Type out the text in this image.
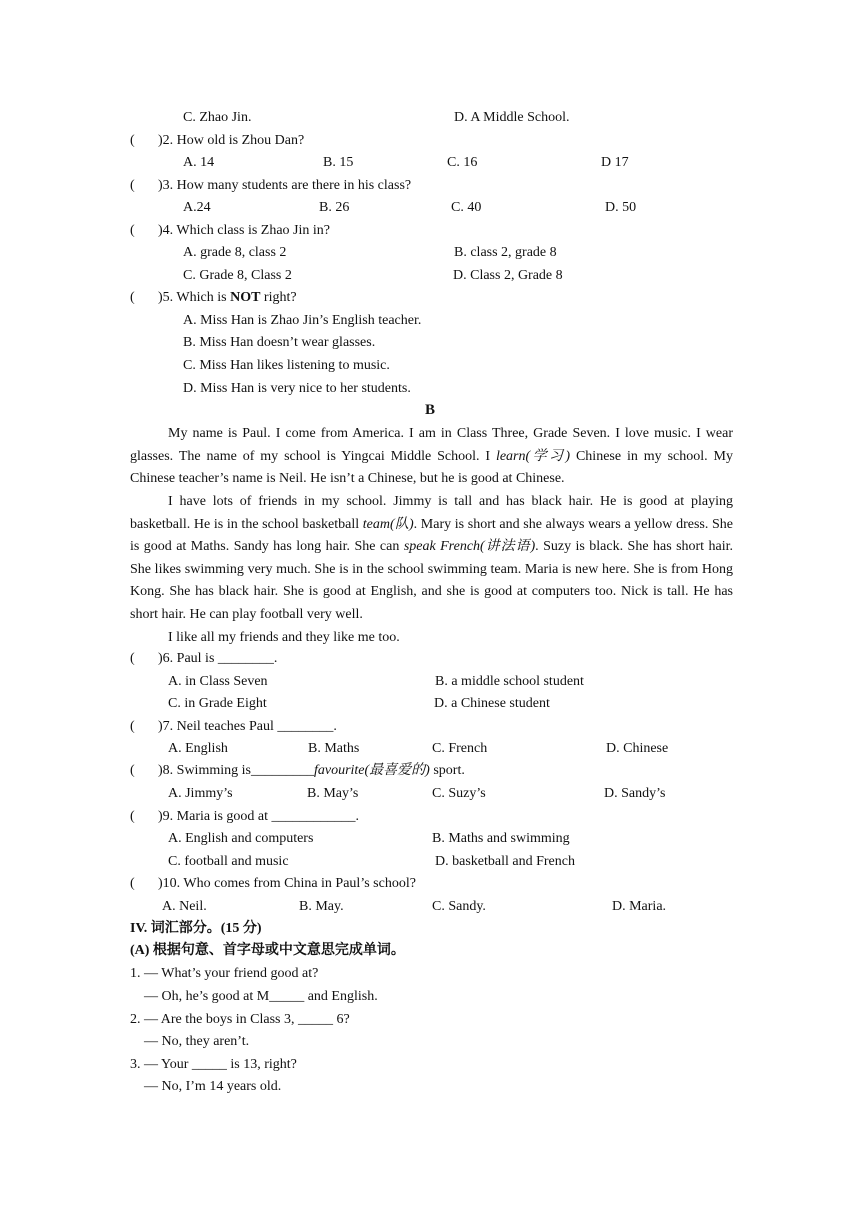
C. Zhao Jin.	D. A Middle School.
( )2. How old is Zhou Dan?
A. 14	B. 15	C. 16	D 17
( )3. How many students are there in his class?
A.24	B. 26	C. 40	D. 50
( )4. Which class is Zhao Jin in?
A. grade 8, class 2	B. class 2, grade 8
C. Grade 8, Class 2	D. Class 2, Grade 8
( )5. Which is NOT right?
A. Miss Han is Zhao Jin’s English teacher.
B. Miss Han doesn’t wear glasses.
C. Miss Han likes listening to music.
D. Miss Han is very nice to her students.
B
My name is Paul. I come from America. I am in Class Three, Grade Seven. I love music. I wear glasses. The name of my school is Yingcai Middle School. I learn(学习) Chinese in my school. My Chinese teacher’s name is Neil. He isn’t a Chinese, but he is good at Chinese.
I have lots of friends in my school. Jimmy is tall and has black hair. He is good at playing basketball. He is in the school basketball team(队). Mary is short and she always wears a yellow dress. She is good at Maths. Sandy has long hair. She can speak French(讲法语). Suzy is black. She has short hair. She likes swimming very much. She is in the school swimming team. Maria is new here. She is from Hong Kong. She has black hair. She is good at English, and she is good at computers too. Nick is tall. He has short hair. He can play football very well.
I like all my friends and they like me too.
( )6. Paul is ________.
A. in Class Seven	B. a middle school student
C. in Grade Eight	D. a Chinese student
( )7. Neil teaches Paul ________.
A. English	B. Maths	C. French	D. Chinese
( )8. Swimming is_________favourite(最喜爱的) sport.
A. Jimmy’s	B. May’s	C. Suzy’s	D. Sandy’s
( )9. Maria is good at ____________.
A. English and computers	B. Maths and swimming
C. football and music	D. basketball and French
( )10. Who comes from China in Paul’s school?
A. Neil.	B. May.	C. Sandy.	D. Maria.
IV. 词汇部分。(15 分)
(A) 根据句意、首字母或中文意思完成单词。
1. — What’s your friend good at?
— Oh, he’s good at M_____ and English.
2. — Are the boys in Class 3, _____ 6?
— No, they aren’t.
3. — Your _____ is 13, right?
— No, I’m 14 years old.
